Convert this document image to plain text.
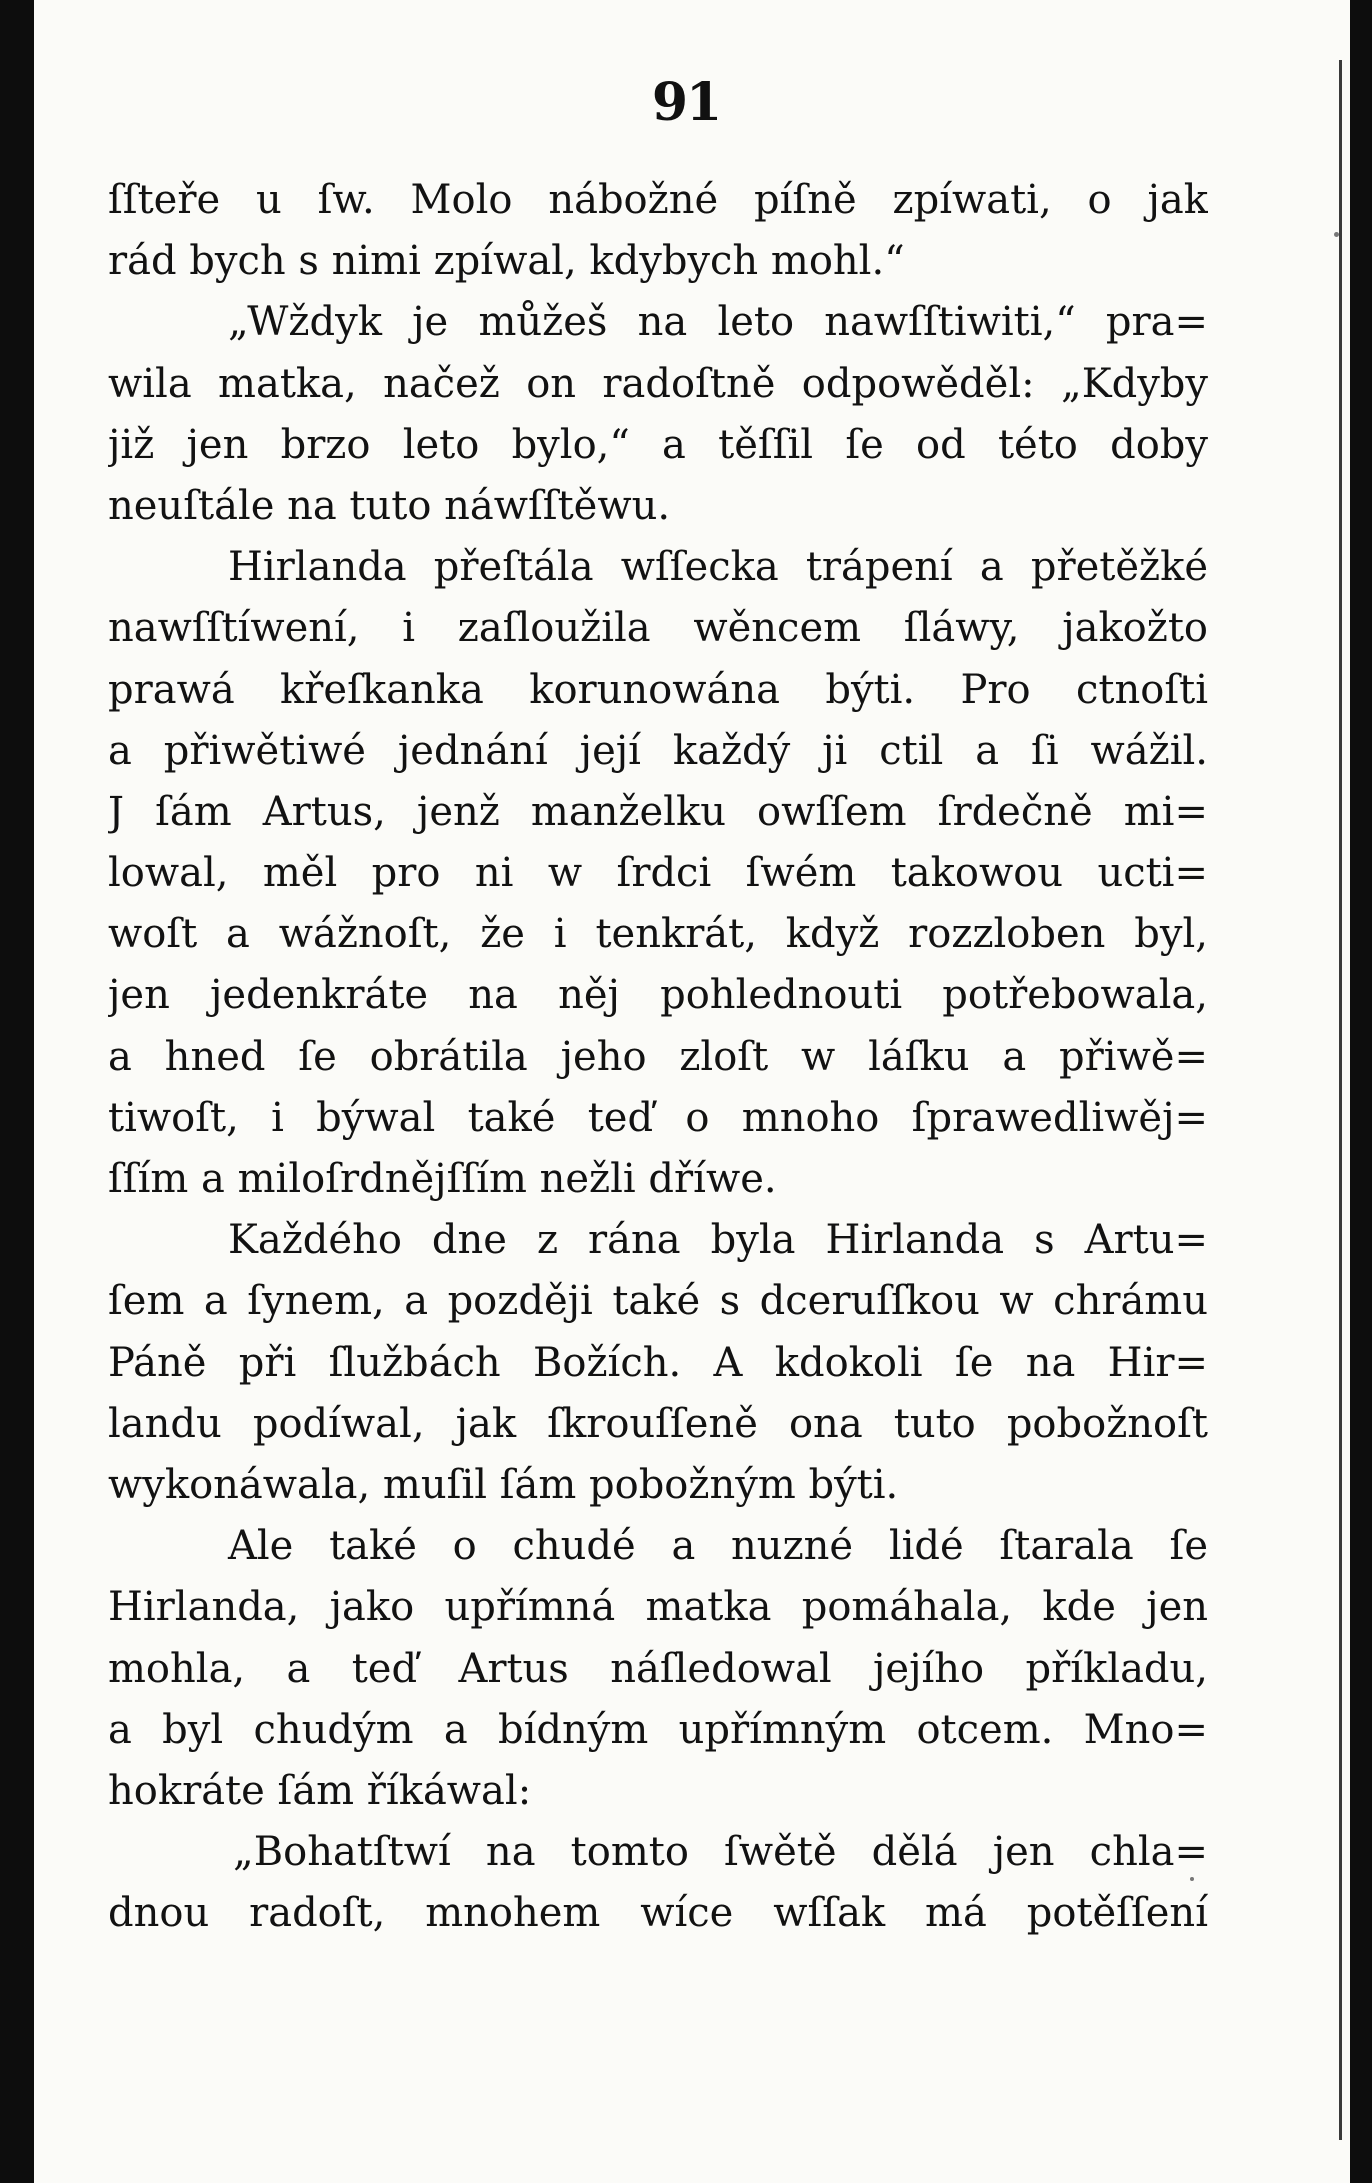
91
ſſteře u ſw. Molo nábožné píſně zpíwati, o jak
rád bych s nimi zpíwal, kdybych mohl.“
„Wždyk je můžeš na leto nawſſtiwiti,“ pra=
wila matka, načež on radoſtně odpowěděl: „Kdyby
již jen brzo leto bylo,“ a těſſil ſe od této doby
neuſtále na tuto náwſſtěwu.
Hirlanda přeſtála wſſecka trápení a přetěžké
nawſſtíwení, i zaſloužila wěncem ſláwy, jakožto
prawá křeſkanka korunowána býti. Pro ctnoſti
a přiwětiwé jednání její každý ji ctil a ſi wážil.
J ſám Artus, jenž manželku owſſem ſrdečně mi=
lowal, měl pro ni w ſrdci ſwém takowou ucti=
woſt a wážnoſt, že i tenkrát, když rozzloben byl,
jen jedenkráte na něj pohlednouti potřebowala,
a hned ſe obrátila jeho zloſt w láſku a přiwě=
tiwoſt, i býwal také teď o mnoho ſprawedliwěj=
ſſím a miloſrdnějſſím nežli dříwe.
Každého dne z rána byla Hirlanda s Artu=
ſem a ſynem, a později také s dceruſſkou w chrámu
Páně při ſlužbách Božích. A kdokoli ſe na Hir=
landu podíwal, jak ſkrouſſeně ona tuto pobožnoſt
wykonáwala, muſil ſám pobožným býti.
Ale také o chudé a nuzné lidé ſtarala ſe
Hirlanda, jako upřímná matka pomáhala, kde jen
mohla, a teď Artus náſledowal jejího příkladu,
a byl chudým a bídným upřímným otcem. Mno=
hokráte ſám říkáwal:
„Bohatſtwí na tomto ſwětě dělá jen chla=
dnou radoſt, mnohem wíce wſſak má potěſſení
